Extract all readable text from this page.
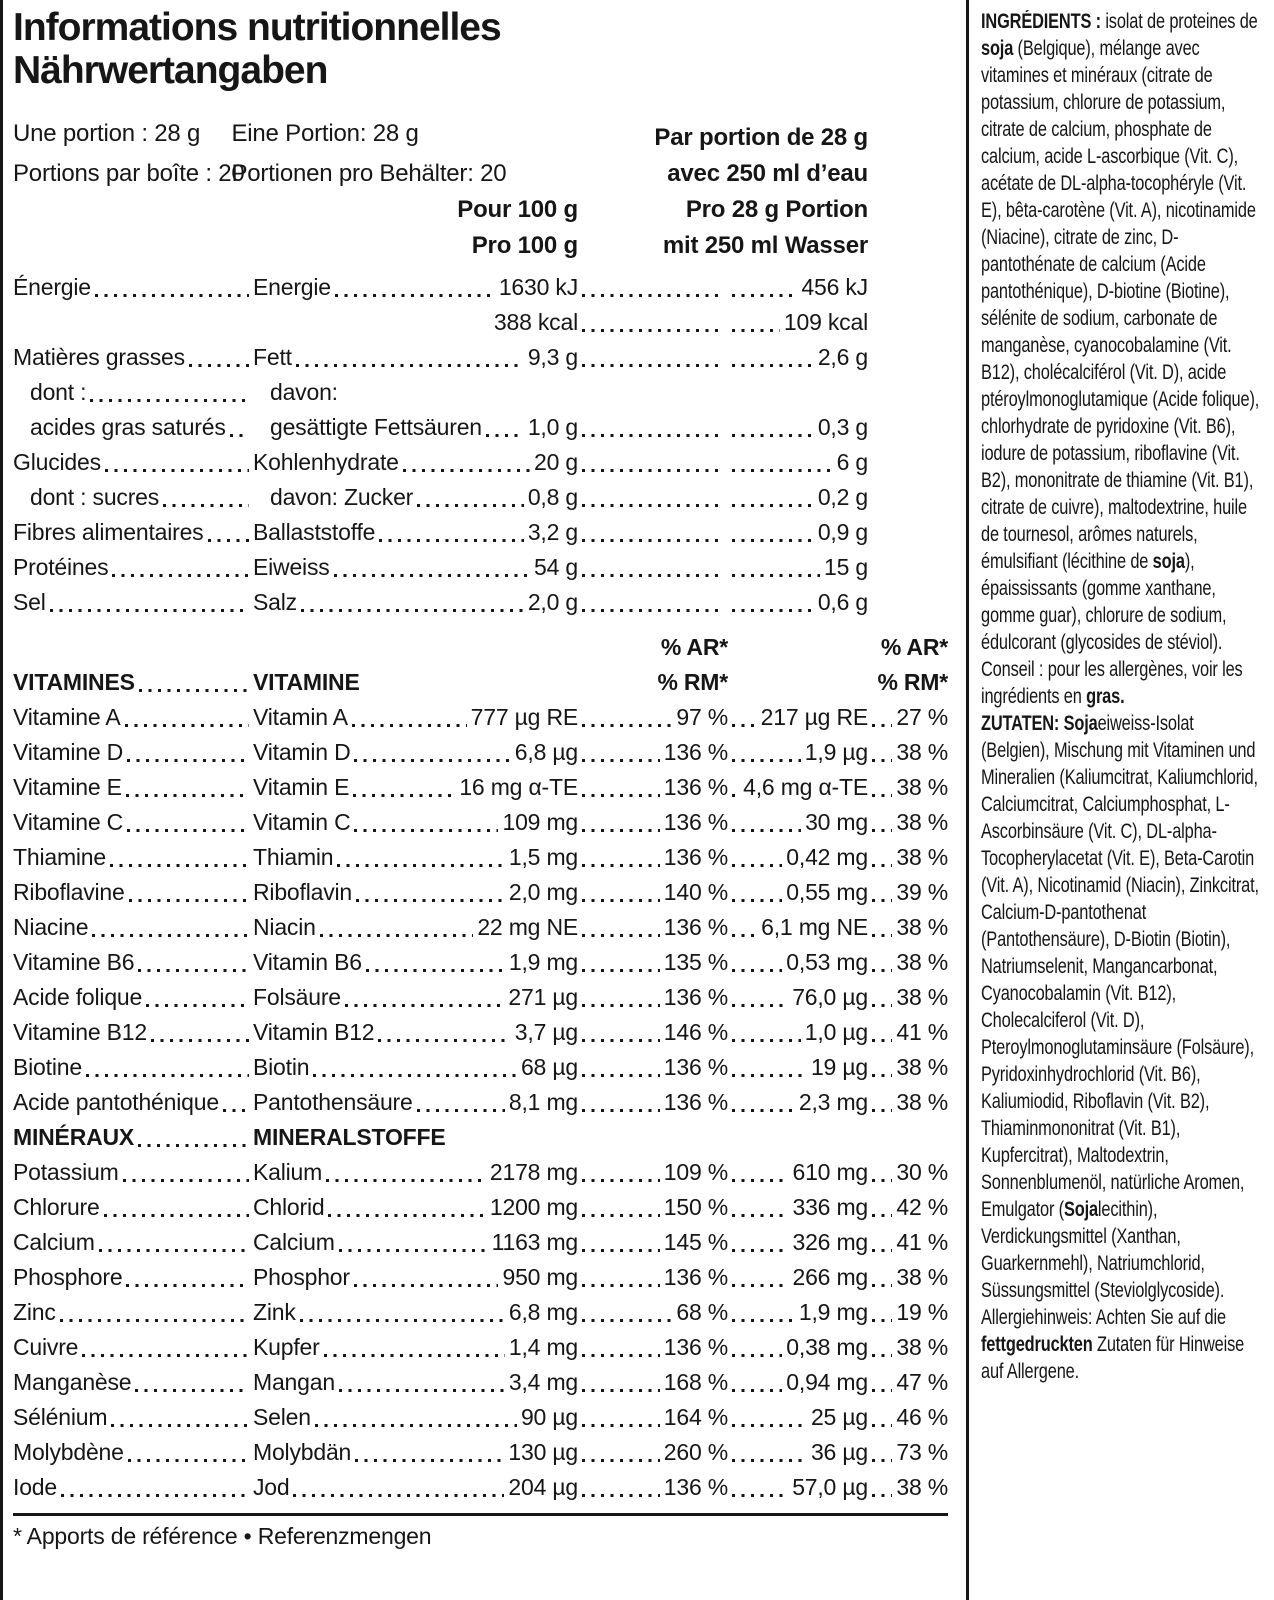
Informations nutritionnelles
Nährwertangaben
Une portion : 28 g Eine Portion: 28 g
Portions par boîte : 20 Portionen pro Behälter: 20
Par portion de 28 g
avec 250 ml d’eau
Pro 28 g Portion
mit 250 ml Wasser
Pour 100 g
Pro 100 g
Énergie	Energie	1630 kJ	456 kJ
388 kcal	109 kcal
Matières grasses	Fett	9,3 g	2,6 g
dont :	davon:
acides gras saturés	gesättigte Fettsäuren 1,0 g	0,3 g
Glucides	Kohlenhydrate	20 g	6 g
dont : sucres	davon: Zucker	0,8 g	0,2 g
Fibres alimentaires Ballaststoffe	3,2 g	0,9 g
Protéines	Eiweiss	54 g	15 g
Sel	Salz	2,0 g	0,6 g
% AR*	% AR*
VITAMINES	VITAMINE	% RM*	% RM*
Vitamine A	Vitamin A	777 µg RE	97 % 217 µg RE 27 %
Vitamine D	Vitamin D	6,8 µg	136 %	1,9 µg 38 %
Vitamine E	Vitamin E	16 mg α-TE	136 % 4,6 mg α-TE 38 %
Vitamine C	Vitamin C	109 mg	136 %	30 mg 38 %
Thiamine	Thiamin	1,5 mg	136 %	0,42 mg 38 %
Riboflavine	Riboflavin	2,0 mg	140 %	0,55 mg 39 %
Niacine	Niacin	22 mg NE	136 % 6,1 mg NE 38 %
Vitamine B6	Vitamin B6	1,9 mg	135 %	0,53 mg 38 %
Acide folique	Folsäure	271 µg	136 %	76,0 µg 38 %
Vitamine B12	Vitamin B12	3,7 µg	146 %	1,0 µg 41 %
Biotine	Biotin	68 µg	136 %	19 µg 38 %
Acide pantothénique Pantothensäure	8,1 mg	136 %	2,3 mg 38 %
MINÉRAUX	MINERALSTOFFE
Potassium	Kalium	2178 mg	109 %	610 mg 30 %
Chlorure	Chlorid	1200 mg	150 %	336 mg 42 %
Calcium	Calcium	1163 mg	145 %	326 mg 41 %
Phosphore	Phosphor	950 mg	136 %	266 mg 38 %
Zinc	Zink	6,8 mg	68 %	1,9 mg 19 %
Cuivre	Kupfer	1,4 mg	136 %	0,38 mg 38 %
Manganèse	Mangan	3,4 mg	168 %	0,94 mg 47 %
Sélénium	Selen	90 µg	164 %	25 µg 46 %
Molybdène	Molybdän	130 µg	260 %	36 µg 73 %
Iode	Jod	204 µg	136 %	57,0 µg 38 %
* Apports de référence • Referenzmengen

INGRÉDIENTS : isolat de proteines de soja (Belgique), mélange avec vitamines et minéraux (citrate de potassium, chlorure de potassium, citrate de calcium, phosphate de calcium, acide L-ascorbique (Vit. C), acétate de DL-alpha-tocophéryle (Vit. E), bêta-carotène (Vit. A), nicotinamide (Niacine), citrate de zinc, D-pantothénate de calcium (Acide pantothénique), D-biotine (Biotine), sélénite de sodium, carbonate de manganèse, cyanocobalamine (Vit. B12), cholécalciférol (Vit. D), acide ptéroylmonoglutamique (Acide folique), chlorhydrate de pyridoxine (Vit. B6), iodure de potassium, riboflavine (Vit. B2), mononitrate de thiamine (Vit. B1), citrate de cuivre), maltodextrine, huile de tournesol, arômes naturels, émulsifiant (lécithine de soja), épaississants (gomme xanthane, gomme guar), chlorure de sodium, édulcorant (glycosides de stéviol). Conseil : pour les allergènes, voir les ingrédients en gras.

ZUTATEN: Sojaeiweiss-Isolat (Belgien), Mischung mit Vitaminen und Mineralien (Kaliumcitrat, Kaliumchlorid, Calciumcitrat, Calciumphosphat, L-Ascorbinsäure (Vit. C), DL-alpha-Tocopherylacetat (Vit. E), Beta-Carotin (Vit. A), Nicotinamid (Niacin), Zinkcitrat, Calcium-D-pantothenat (Pantothensäure), D-Biotin (Biotin), Natriumselenit, Mangancarbonat, Cyanocobalamin (Vit. B12), Cholecalciferol (Vit. D), Pteroylmonoglutaminsäure (Folsäure), Pyridoxinhydrochlorid (Vit. B6), Kaliumiodid, Riboflavin (Vit. B2), Thiaminmononitrat (Vit. B1), Kupfercitrat), Maltodextrin, Sonnenblumenöl, natürliche Aromen, Emulgator (Sojalecithin), Verdickungsmittel (Xanthan, Guarkernmehl), Natriumchlorid, Süssungsmittel (Steviolglycoside). Allergiehinweis: Achten Sie auf die fettgedruckten Zutaten für Hinweise auf Allergene.
